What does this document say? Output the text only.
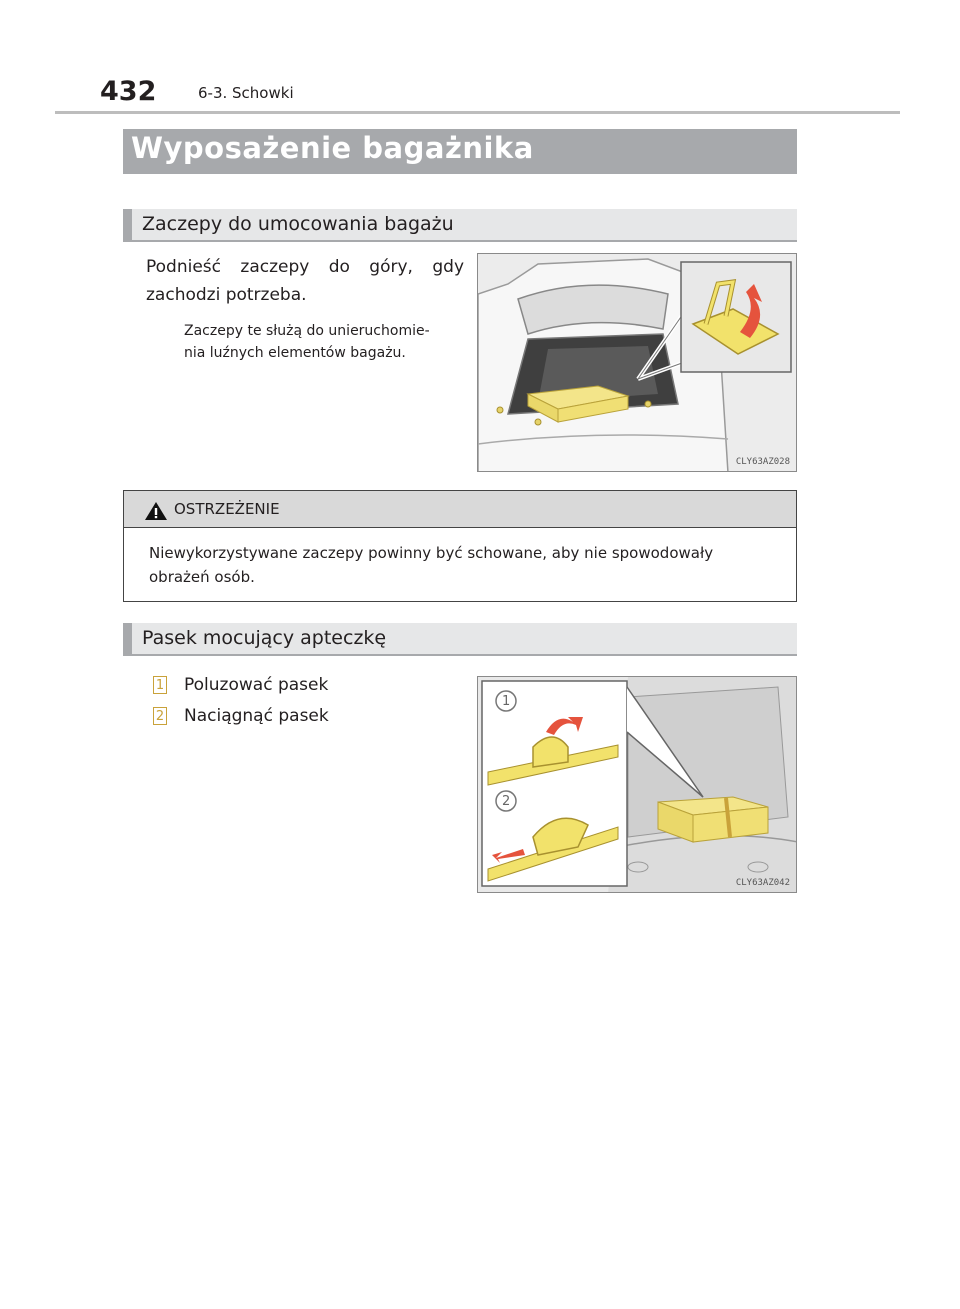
432	6-3. Schowki
Wyposażenie bagażnika
Zaczepy do umocowania bagażu
Podnieść zaczepy do góry, gdy
zachodzi potrzeba.
Zaczepy te służą do unieruchomie-
nia luźnych elementów bagażu.
CLY63AZ028
OSTRZEŻENIE
Niewykorzystywane zaczepy powinny być schowane, aby nie spowodowały
obrażeń osób.
Pasek mocujący apteczkę
1 Poluzować pasek
2 Naciągnąć pasek
1
2
CLY63AZ042
